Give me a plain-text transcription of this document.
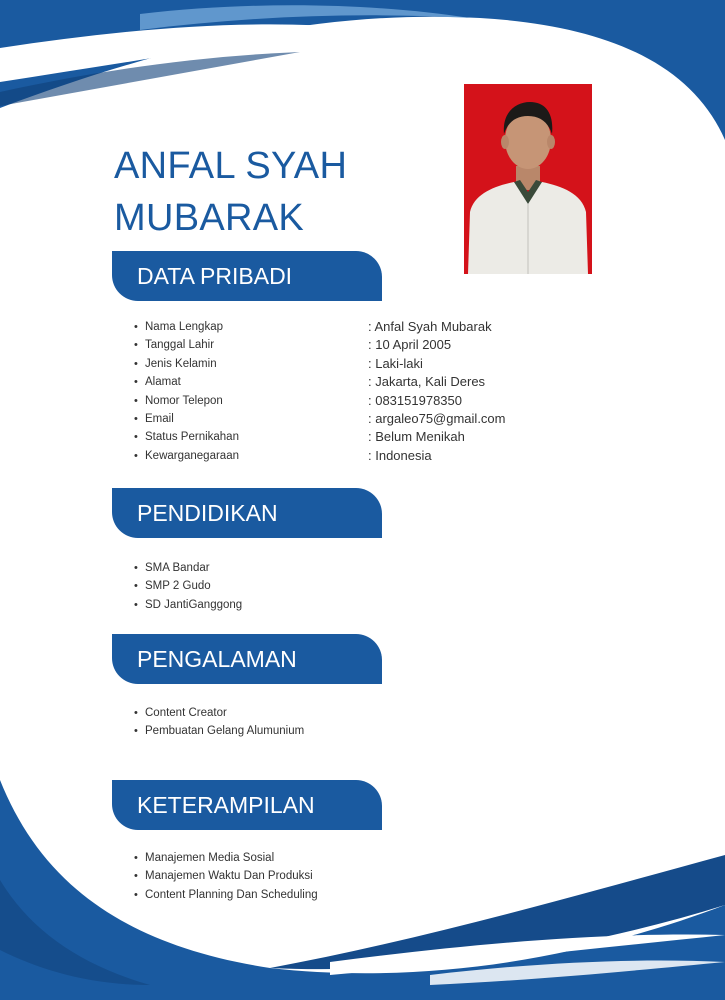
ANFAL SYAH
MUBARAK
DATA PRIBADI
• Nama Lengkap
• Tanggal Lahir
• Jenis Kelamin
• Alamat
• Nomor Telepon
• Email
• Status Pernikahan
• Kewarganegaraan
: Anfal Syah Mubarak
: 10 April 2005
: Laki-laki
: Jakarta, Kali Deres
: 083151978350
: argaleo75@gmail.com
: Belum Menikah
: Indonesia
PENDIDIKAN
• SMA Bandar
• SMP 2 Gudo
• SD JantiGanggong
PENGALAMAN
• Content Creator
• Pembuatan Gelang Alumunium
KETERAMPILAN
• Manajemen Media Sosial
• Manajemen Waktu Dan Produksi
• Content Planning Dan Scheduling
